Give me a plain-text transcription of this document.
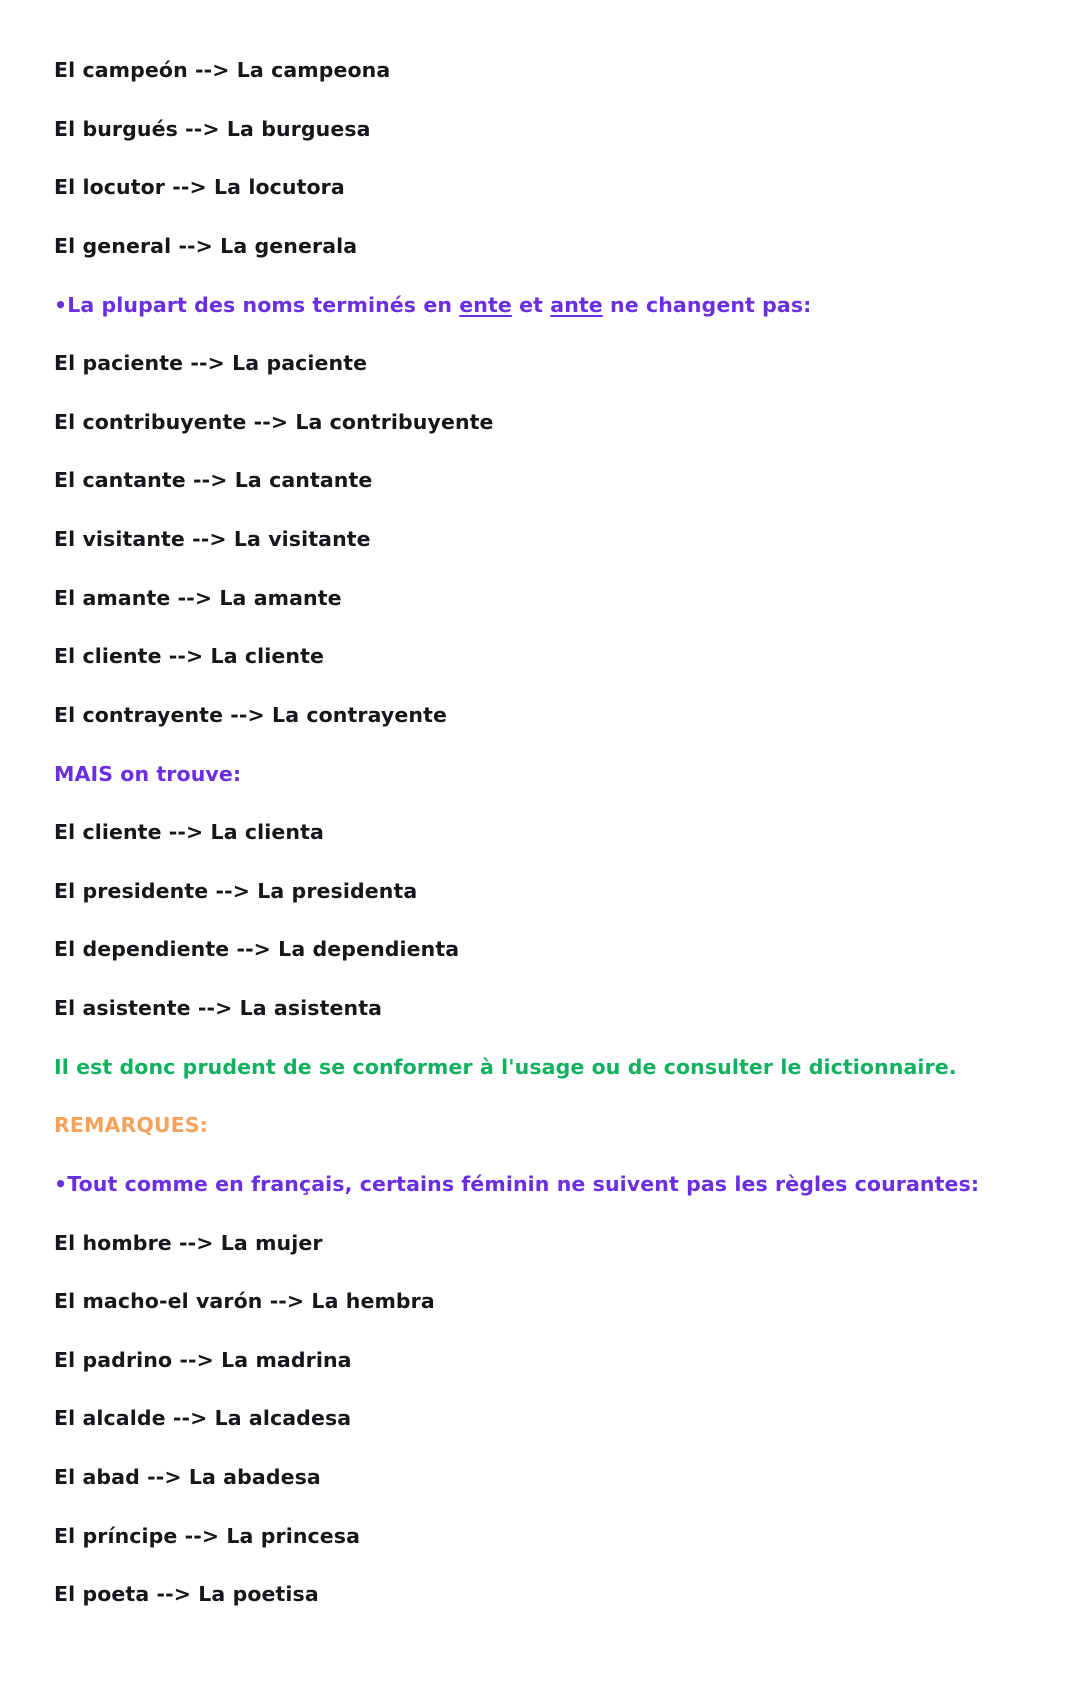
El campeón --> La campeona

El burgués --> La burguesa

El locutor --> La locutora

El general --> La generala

•La plupart des noms terminés en ente et ante ne changent pas:

El paciente --> La paciente

El contribuyente --> La contribuyente

El cantante --> La cantante

El visitante --> La visitante

El amante --> La amante

El cliente --> La cliente

El contrayente --> La contrayente

MAIS on trouve:

El cliente --> La clienta

El presidente --> La presidenta

El dependiente --> La dependienta

El asistente --> La asistenta

Il est donc prudent de se conformer à l'usage ou de consulter le dictionnaire.

REMARQUES:

•Tout comme en français, certains féminin ne suivent pas les règles courantes:

El hombre --> La mujer

El macho-el varón --> La hembra

El padrino --> La madrina

El alcalde --> La alcadesa

El abad --> La abadesa

El príncipe --> La princesa

El poeta --> La poetisa
